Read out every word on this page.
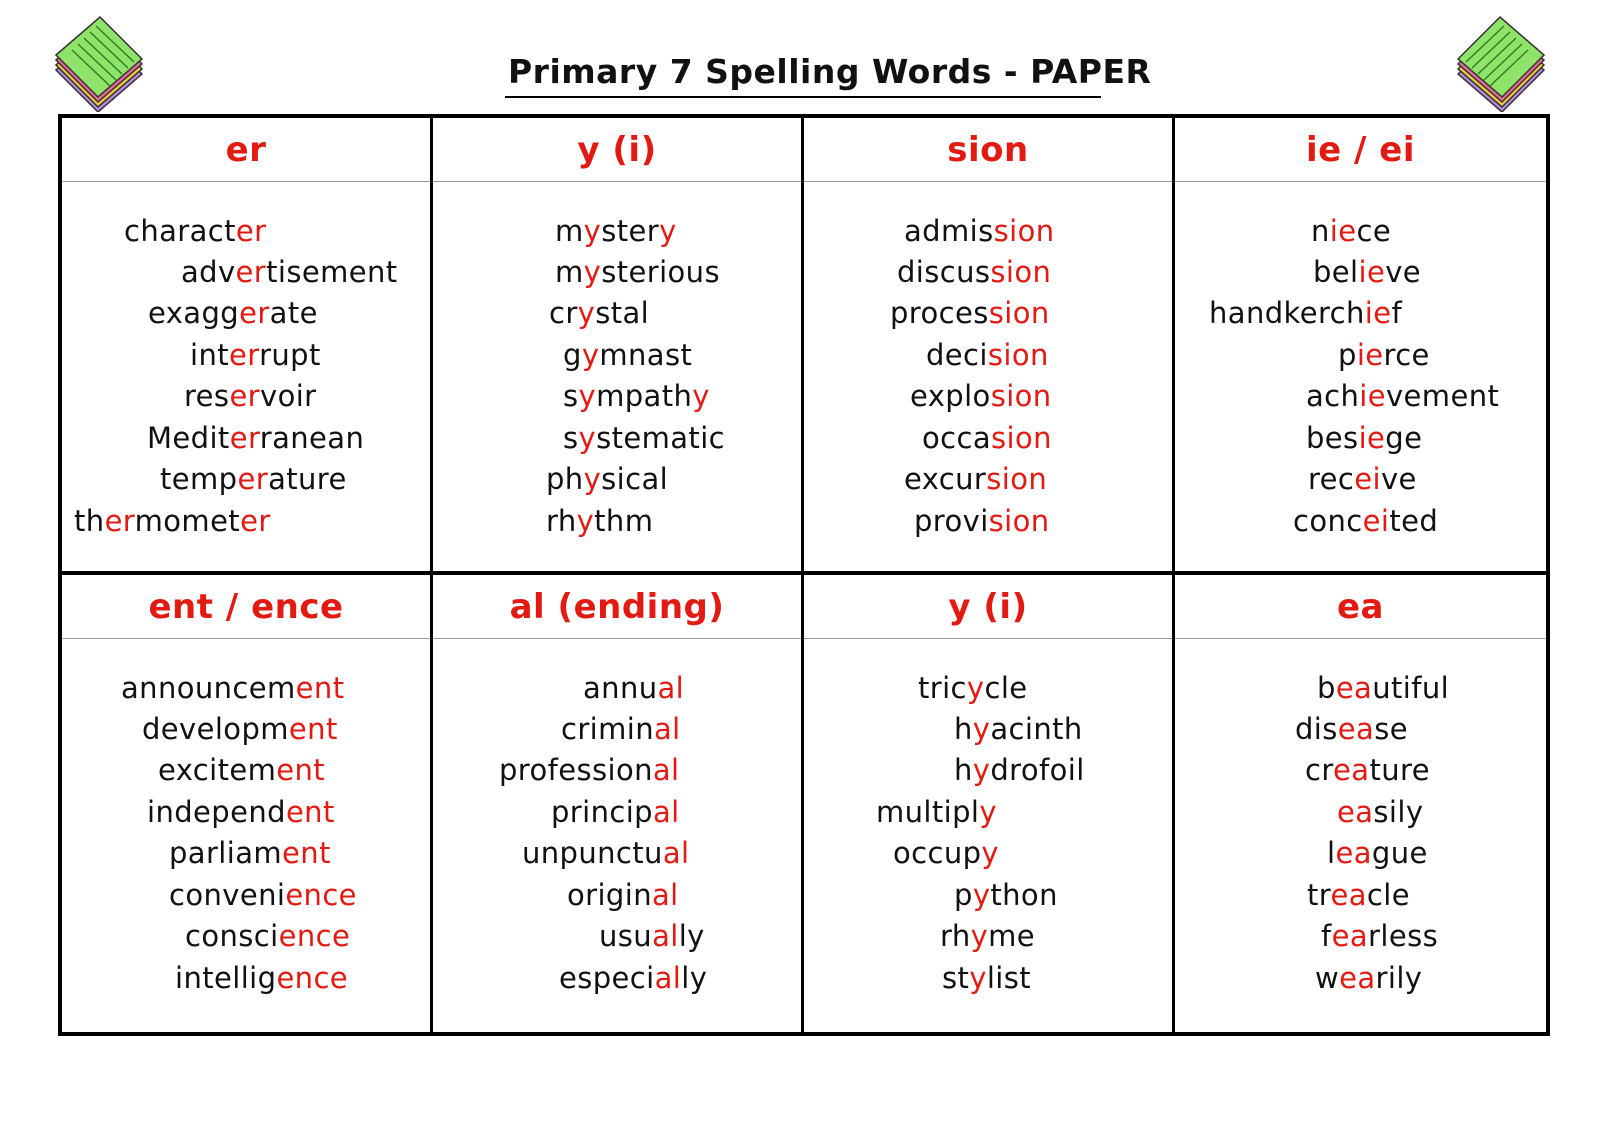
Primary 7 Spelling Words - PAPER
er
character
advertisement
exaggerate
interrupt
reservoir
Mediterranean
temperature
thermometer
y (i)
mystery
mysterious
crystal
gymnast
sympathy
systematic
physical
rhythm
sion
admission
discussion
procession
decision
explosion
occasion
excursion
provision
ie / ei
niece
believe
handkerchief
pierce
achievement
besiege
receive
conceited
ent / ence
announcement
development
excitement
independent
parliament
convenience
conscience
intelligence
al (ending)
annual
criminal
professional
principal
unpunctual
original
usually
especially
y (i)
tricycle
hyacinth
hydrofoil
multiply
occupy
python
rhyme
stylist
ea
beautiful
disease
creature
easily
league
treacle
fearless
wearily
